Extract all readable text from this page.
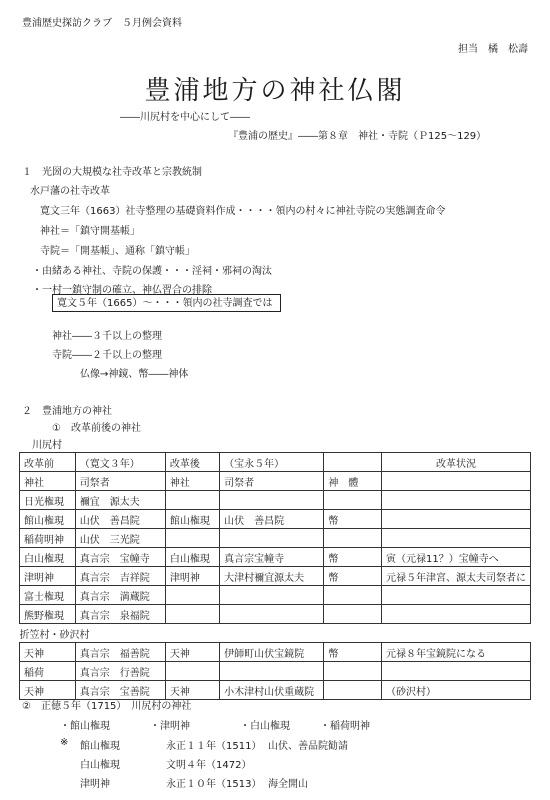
豊浦歴史探訪クラブ　５月例会資料
担当　橘　松壽
豊浦地方の神社仏閣
――川尻村を中心にして――
『豊浦の歴史』――第８章　神社・寺院（Ｐ125～129）
１　光圀の大規模な社寺改革と宗教統制
水戸藩の社寺改革
寛文三年（1663）社寺整理の基礎資料作成・・・・領内の村々に神社寺院の実態調査命令
神社＝「鎮守開基帳」
寺院＝「開基帳」、通称「鎮守帳」
・由緒ある神社、寺院の保護・・・淫祠・邪祠の淘汰
・一村一鎮守制の確立、神仏習合の排除
寛文５年（1665）～・・・領内の社寺調査では
神社――３千以上の整理
寺院――２千以上の整理
仏像→神鏡、幣――神体
２　豊浦地方の神社
①　改革前後の神社
川尻村
改革前	（寛文３年）	改革後	（宝永５年）		改革状況
神社	司祭者	神社	司祭者	神　體	
日光権現	禰宜　源太夫				
館山権現	山伏　善昌院	館山権現	山伏　善昌院	幣	
稲荷明神	山伏　三光院				
白山権現	真言宗　宝幢寺	白山権現	真言宗宝幢寺	幣	寅（元禄11？）宝幢寺へ
津明神	真言宗　吉祥院	津明神	大津村禰宜源太夫	幣	元禄５年津宮、源太夫司祭者に
富士権現	真言宗　満蔵院				
熊野権現	真言宗　泉福院				
折笠村・砂沢村					
天神	真言宗　福善院	天神	伊師町山伏宝鏡院	幣	元禄８年宝鏡院になる
稲荷	真言宗　行善院				
天神	真言宗　宝善院	天神	小木津村山伏重蔵院		（砂沢村）
②　正徳５年（1715）　川尻村の神社
・館山権現　　　　・津明神　　　　　・白山権現　　　・稲荷明神
※ 館山権現	永正１１年（1511） 山伏、善品院勧請
白山権現	文明４年（1472）
津明神	永正１０年（1513） 海全開山
